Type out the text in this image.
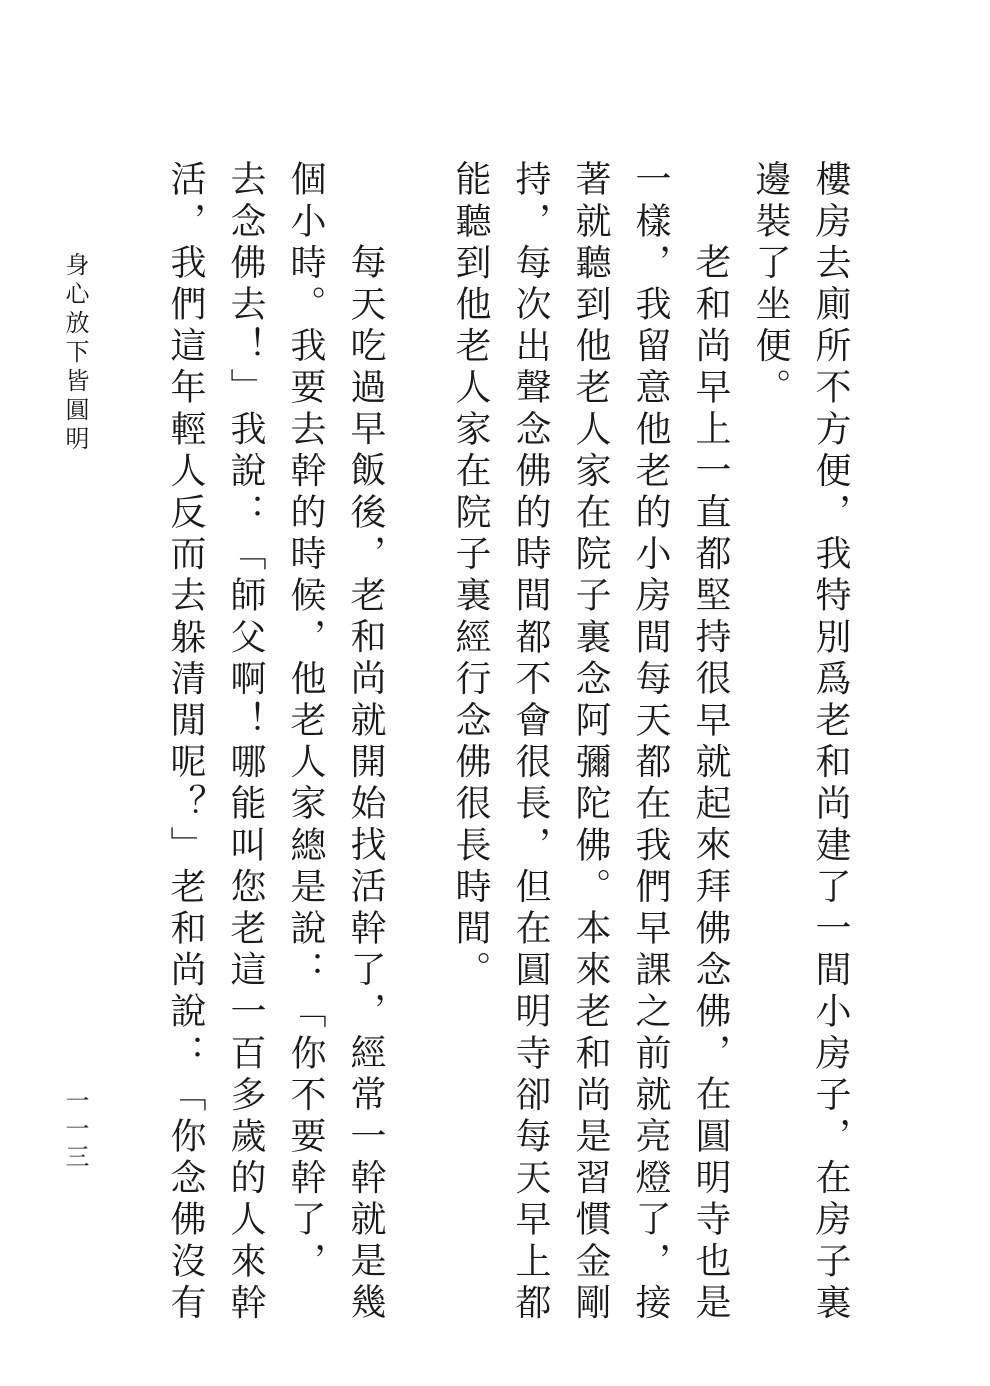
樓房去廁所不方便，我特別爲老和尚建了一間小房子，在房子裏
邊裝了坐便。
老和尚早上一直都堅持很早就起來拜佛念佛，在圓明寺也是
一樣，我留意他老的小房間每天都在我們早課之前就亮燈了，接
著就聽到他老人家在院子裏念阿彌陀佛。本來老和尚是習慣金剛
持，每次出聲念佛的時間都不會很長，但在圓明寺卻每天早上都
能聽到他老人家在院子裏經行念佛很長時間。
每天吃過早飯後，老和尚就開始找活幹了，經常一幹就是幾
個小時。我要去幹的時候，他老人家總是說：「你不要幹了，
去念佛去！」我說：「師父啊！哪能叫您老這一百多歲的人來幹
活，我們這年輕人反而去躲清閒呢？」老和尚說：「你念佛沒有
身心放下皆圓明
一一三
